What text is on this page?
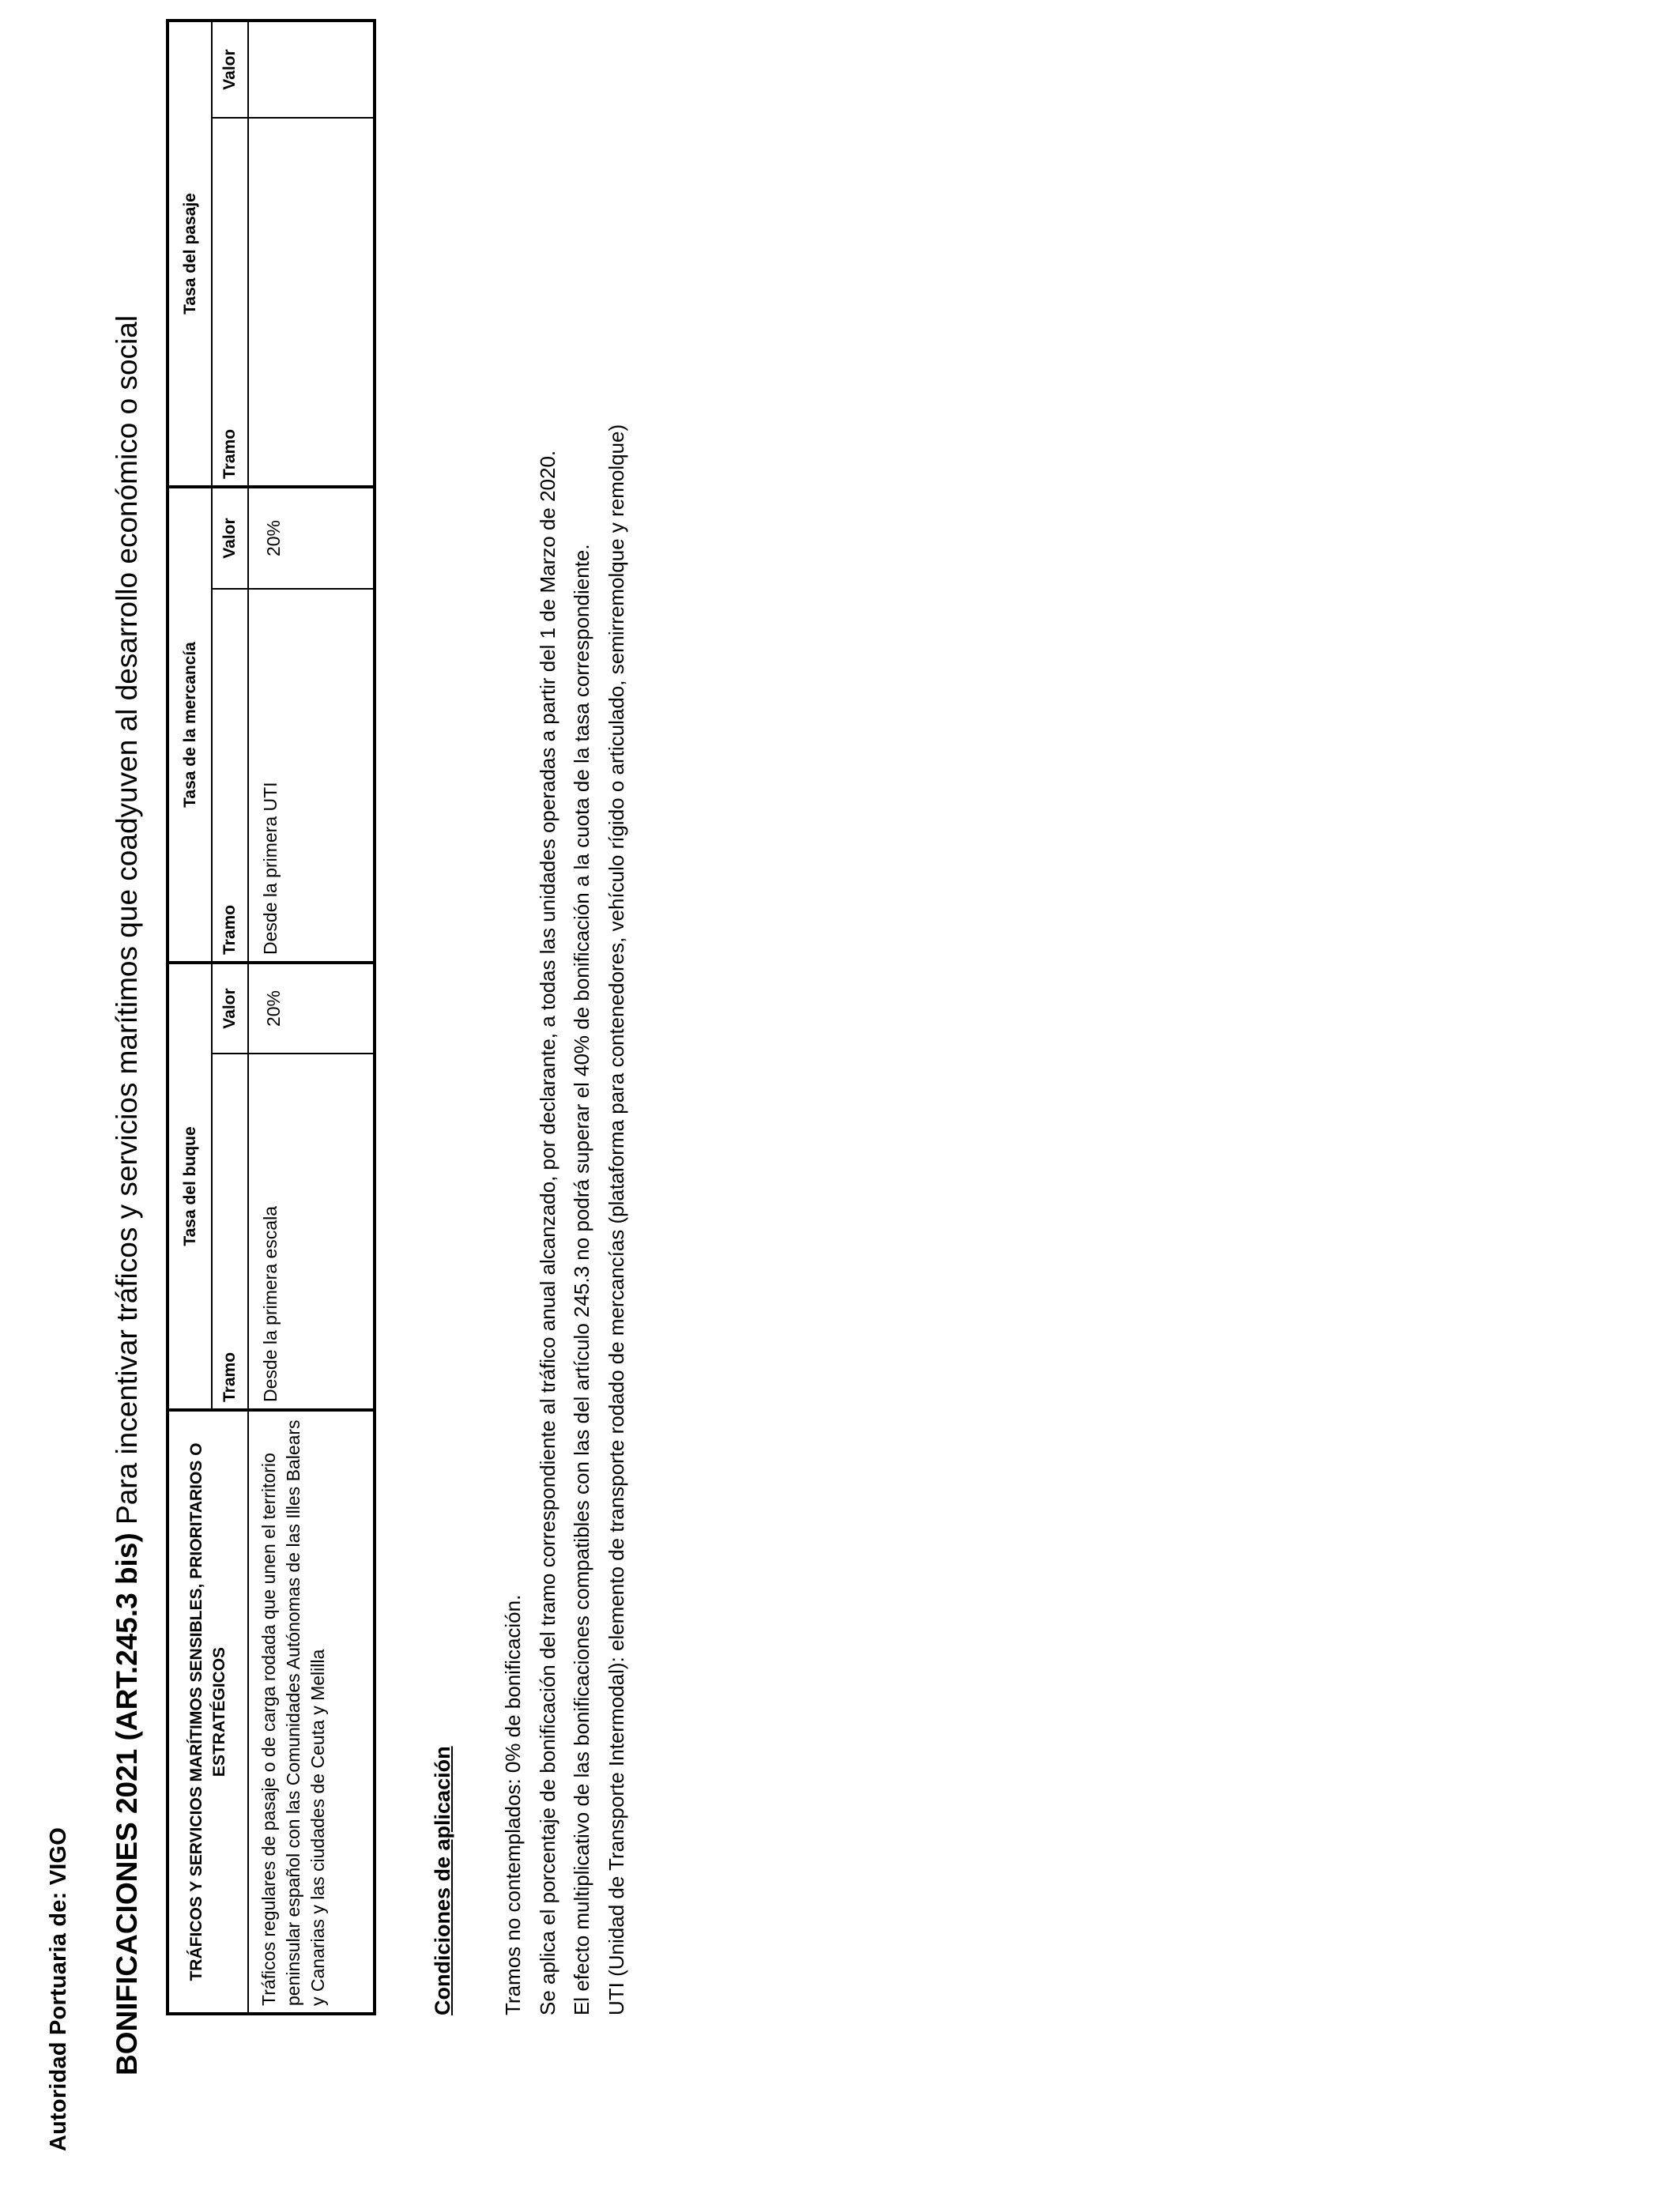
Autoridad Portuaria de: VIGO BONIFICACIONES 2021 (ART.245.3 bis) Para incentivar tráficos y servicios marítimos que coadyuven al desarrollo económico o social
TRÁFICOS Y SERVICIOS MARÍTIMOS SENSIBLES, PRIORITARIOS O ESTRATÉGICOS	Tasa del buque		Tasa de la mercancía		Tasa del pasaje	
	Tramo	Valor	Tramo	Valor	Tramo	Valor
Tráficos regulares de pasaje o de carga rodada que unen el territorio peninsular español con las Comunidades Autónomas de las Illes Balears y Canarias y las ciudades de Ceuta y Melilla	Desde la primera escala	20%	Desde la primera UTI	20%		
Condiciones de aplicación Tramos no contemplados: 0% de bonificación. Se aplica el porcentaje de bonificación del tramo correspondiente al tráfico anual alcanzado, por declarante, a todas las unidades operadas a partir del 1 de Marzo de 2020. El efecto multiplicativo de las bonificaciones compatibles con las del artículo 245.3 no podrá superar el 40% de bonificación a la cuota de la tasa correspondiente. UTI (Unidad de Transporte Intermodal): elemento de transporte rodado de mercancías (plataforma para contenedores, vehículo rígido o articulado, semirremolque y remolque)
